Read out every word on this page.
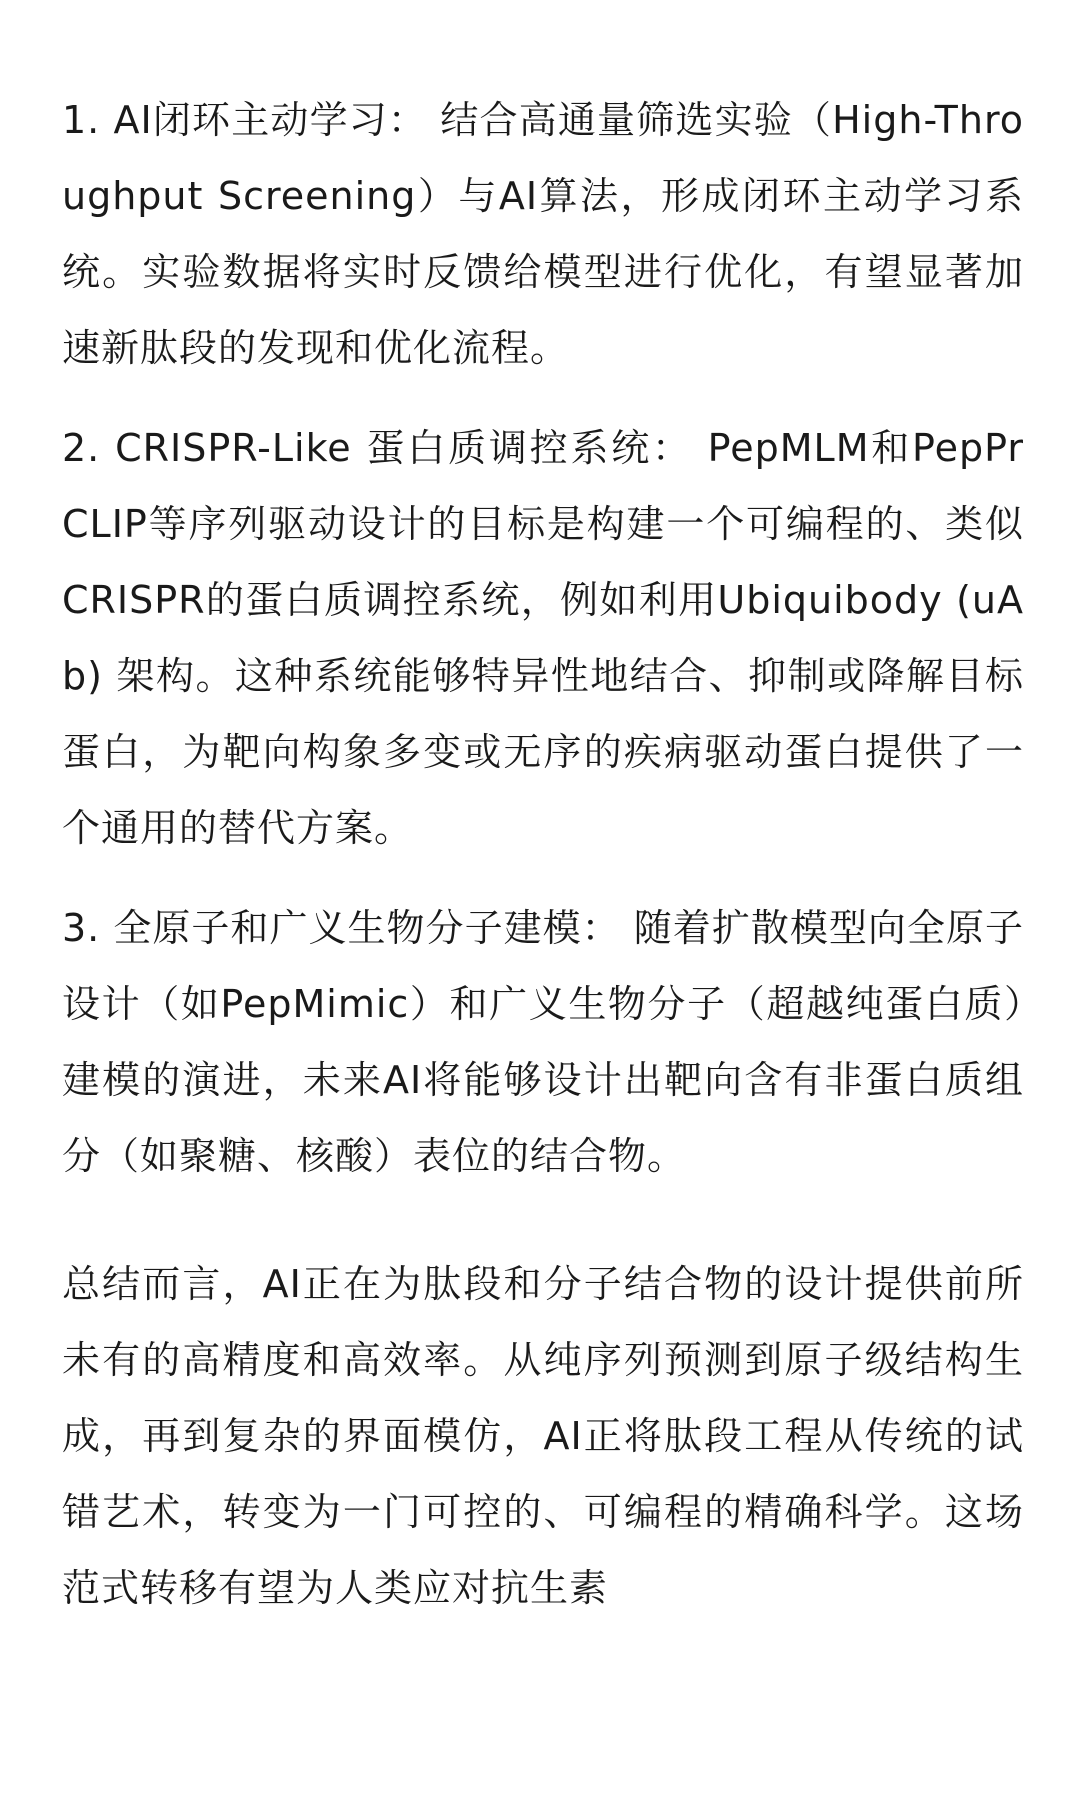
1. AI闭环主动学习： 结合高通量筛选实验（High-Throughput Screening）与AI算法，形成闭环主动学习系统。实验数据将实时反馈给模型进行优化，有望显著加速新肽段的发现和优化流程。

2. CRISPR-Like 蛋白质调控系统： PepMLM和PepPrCLIP等序列驱动设计的目标是构建一个可编程的、类似CRISPR的蛋白质调控系统，例如利用Ubiquibody (uAb) 架构。这种系统能够特异性地结合、抑制或降解目标蛋白，为靶向构象多变或无序的疾病驱动蛋白提供了一个通用的替代方案。

3. 全原子和广义生物分子建模： 随着扩散模型向全原子设计（如PepMimic）和广义生物分子（超越纯蛋白质）建模的演进，未来AI将能够设计出靶向含有非蛋白质组分（如聚糖、核酸）表位的结合物。

总结而言，AI正在为肽段和分子结合物的设计提供前所未有的高精度和高效率。从纯序列预测到原子级结构生成，再到复杂的界面模仿，AI正将肽段工程从传统的试错艺术，转变为一门可控的、可编程的精确科学。这场范式转移有望为人类应对抗生素
